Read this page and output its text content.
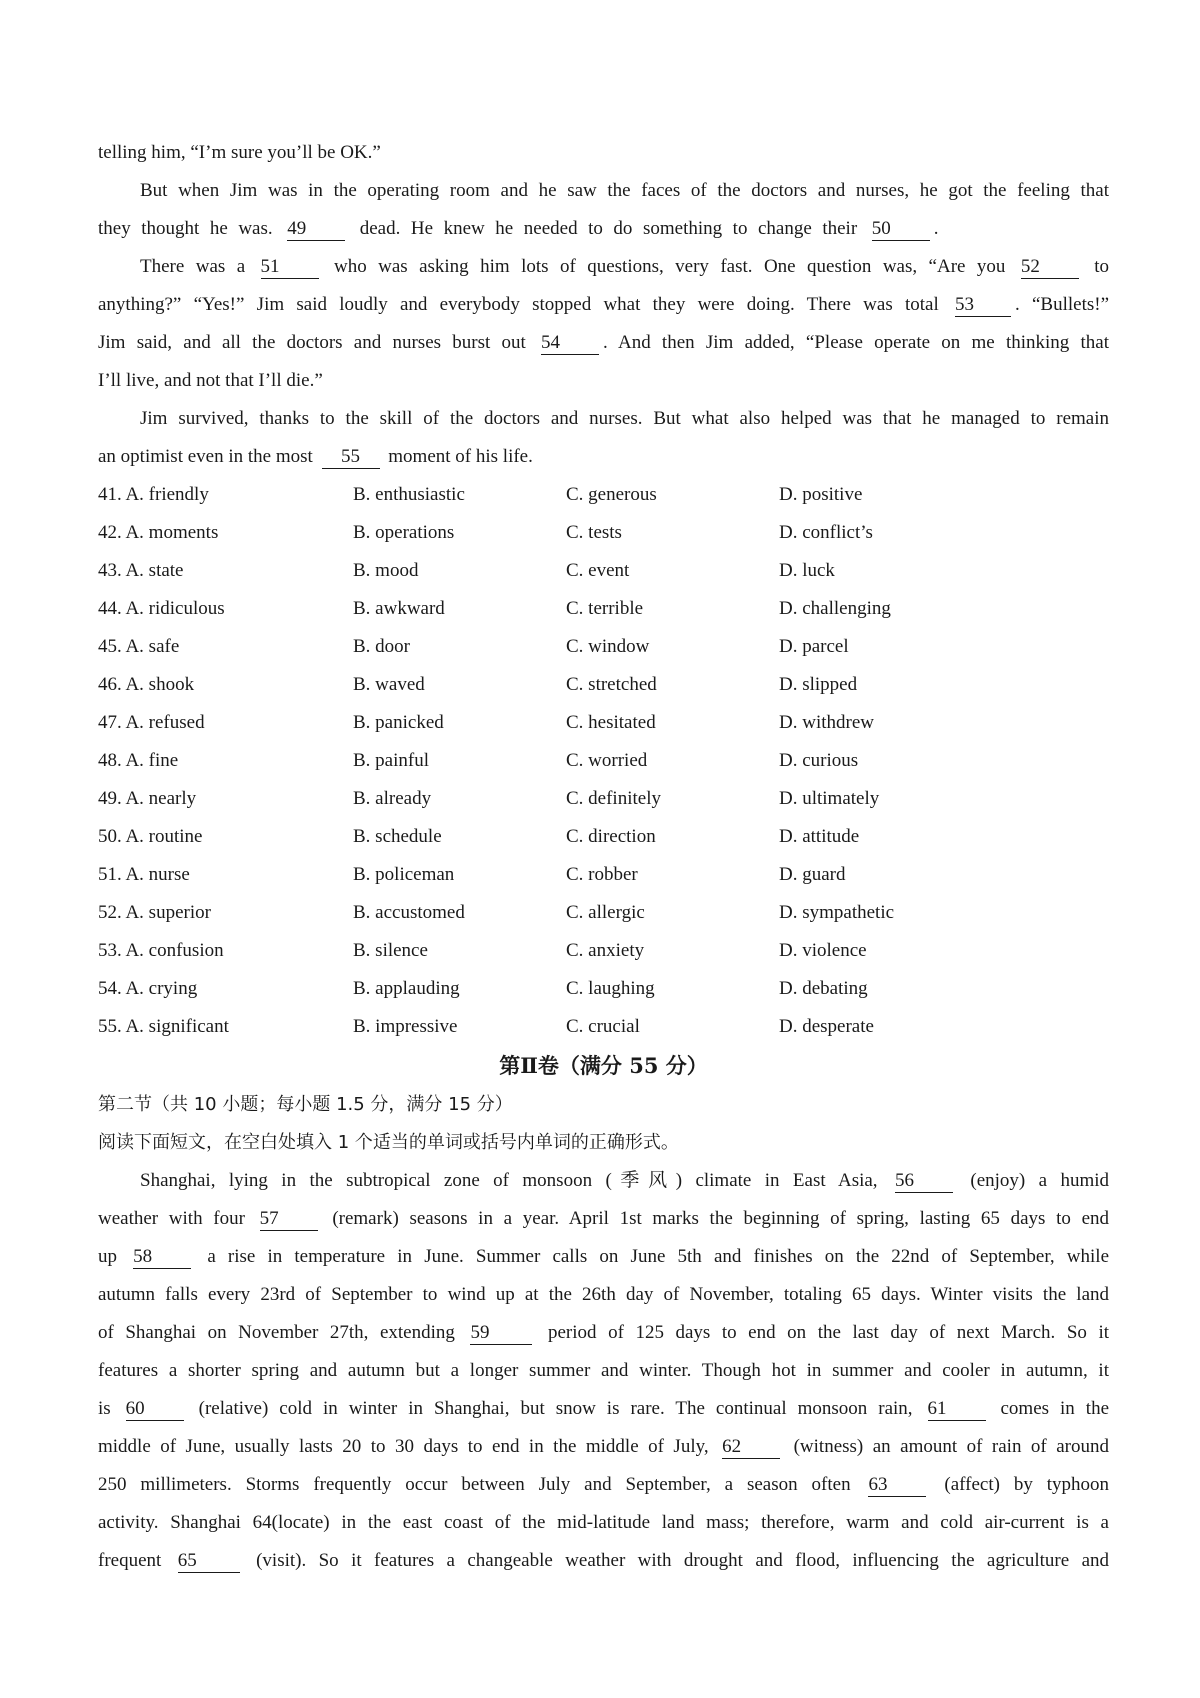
telling him, “I’m sure you’ll be OK.”
But when Jim was in the operating room and he saw the faces of the doctors and nurses, he got the feeling that
they thought he was. 49	dead. He knew he needed to do something to change their 50 .
There was a 51	who was asking him lots of questions, very fast. One question was, “Are you 52	to
anything?” “Yes!” Jim said loudly and everybody stopped what they were doing. There was total 53 . “Bullets!”
Jim said, and all the doctors and nurses burst out 54 . And then Jim added, “Please operate on me thinking that
I’ll live, and not that I’ll die.”
Jim survived, thanks to the skill of the doctors and nurses. But what also helped was that he managed to remain
an optimist even in the most 55 moment of his life.
41. A. friendly	B. enthusiastic	C. generous	D. positive
42. A. moments	B. operations	C. tests	D. conflict’s
43. A. state	B. mood	C. event	D. luck
44. A. ridiculous	B. awkward	C. terrible	D. challenging
45. A. safe	B. door	C. window	D. parcel
46. A. shook	B. waved	C. stretched	D. slipped
47. A. refused	B. panicked	C. hesitated	D. withdrew
48. A. fine	B. painful	C. worried	D. curious
49. A. nearly	B. already	C. definitely	D. ultimately
50. A. routine	B. schedule	C. direction	D. attitude
51. A. nurse	B. policeman	C. robber	D. guard
52. A. superior	B. accustomed	C. allergic	D. sympathetic
53. A. confusion	B. silence	C. anxiety	D. violence
54. A. crying	B. applauding	C. laughing	D. debating
55. A. significant	B. impressive	C. crucial	D. desperate
第Ⅱ卷（满分 55 分）
第二节（共 10 小题；每小题 1.5 分，满分 15 分）
阅读下面短文，在空白处填入 1 个适当的单词或括号内单词的正确形式。
Shanghai, lying in the subtropical zone of monsoon (季风) climate in East Asia, 56	(enjoy) a humid
weather with four 57	(remark) seasons in a year. April 1st marks the beginning of spring, lasting 65 days to end
up 58	a rise in temperature in June. Summer calls on June 5th and finishes on the 22nd of September, while
autumn falls every 23rd of September to wind up at the 26th day of November, totaling 65 days. Winter visits the land
of Shanghai on November 27th, extending 59	period of 125 days to end on the last day of next March. So it
features a shorter spring and autumn but a longer summer and winter. Though hot in summer and cooler in autumn, it
is 60	(relative) cold in winter in Shanghai, but snow is rare. The continual monsoon rain, 61	comes in the
middle of June, usually lasts 20 to 30 days to end in the middle of July, 62	(witness) an amount of rain of around
250 millimeters. Storms frequently occur between July and September, a season often 63	(affect) by typhoon
activity. Shanghai 64(locate) in the east coast of the mid-latitude land mass; therefore, warm and cold air-current is a
frequent 65	(visit). So it features a changeable weather with drought and flood, influencing the agriculture and
